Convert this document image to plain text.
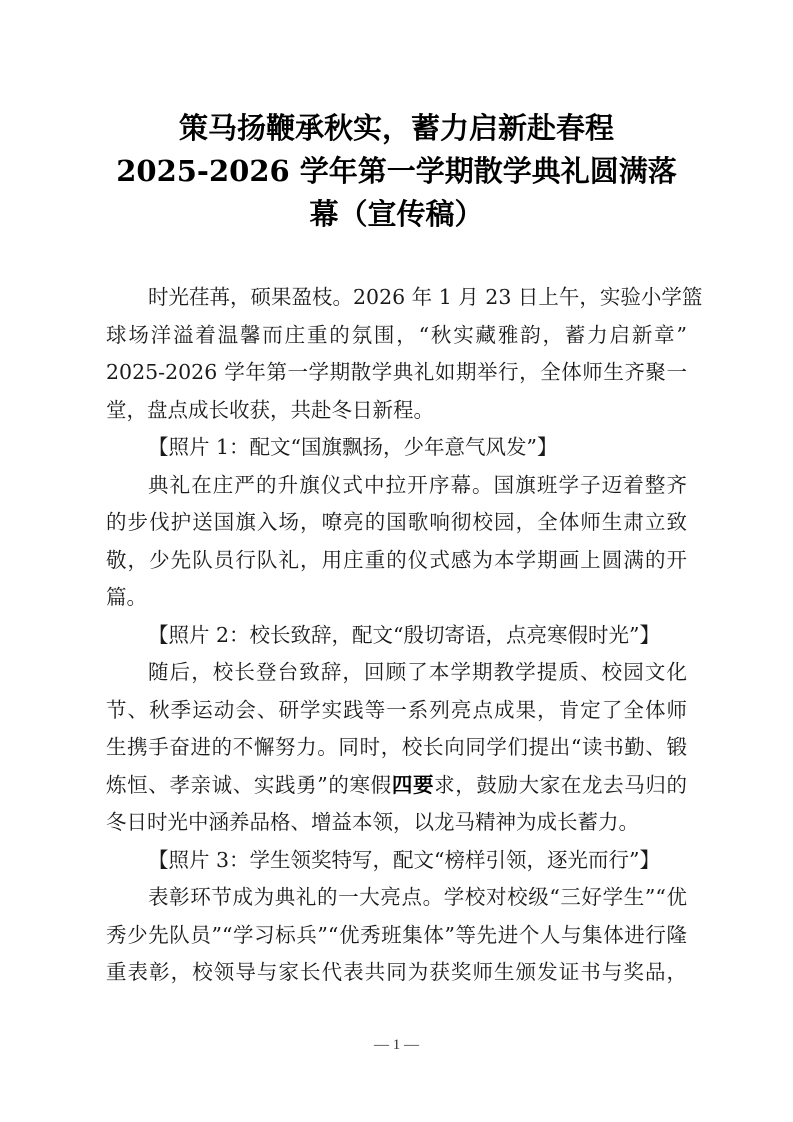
策马扬鞭承秋实，蓄力启新赴春程
2025-2026 学年第一学期散学典礼圆满落
幕（宣传稿）
时光荏苒，硕果盈枝。2026 年 1 月 23 日上午，实验小学篮
球场洋溢着温馨而庄重的氛围，“秋实藏雅韵，蓄力启新章”
2025-2026 学年第一学期散学典礼如期举行，全体师生齐聚一
堂，盘点成长收获，共赴冬日新程。
【照片 1：配文“国旗飘扬，少年意气风发”】
典礼在庄严的升旗仪式中拉开序幕。国旗班学子迈着整齐
的步伐护送国旗入场，嘹亮的国歌响彻校园，全体师生肃立致
敬，少先队员行队礼，用庄重的仪式感为本学期画上圆满的开
篇。
【照片 2：校长致辞，配文“殷切寄语，点亮寒假时光”】
随后，校长登台致辞，回顾了本学期教学提质、校园文化
节、秋季运动会、研学实践等一系列亮点成果，肯定了全体师
生携手奋进的不懈努力。同时，校长向同学们提出“读书勤、锻
炼恒、孝亲诚、实践勇”的寒假四要求，鼓励大家在龙去马归的
冬日时光中涵养品格、增益本领，以龙马精神为成长蓄力。
【照片 3：学生领奖特写，配文“榜样引领，逐光而行”】
表彰环节成为典礼的一大亮点。学校对校级“三好学生”“优
秀少先队员”“学习标兵”“优秀班集体”等先进个人与集体进行隆
重表彰，校领导与家长代表共同为获奖师生颁发证书与奖品，
— 1 —
